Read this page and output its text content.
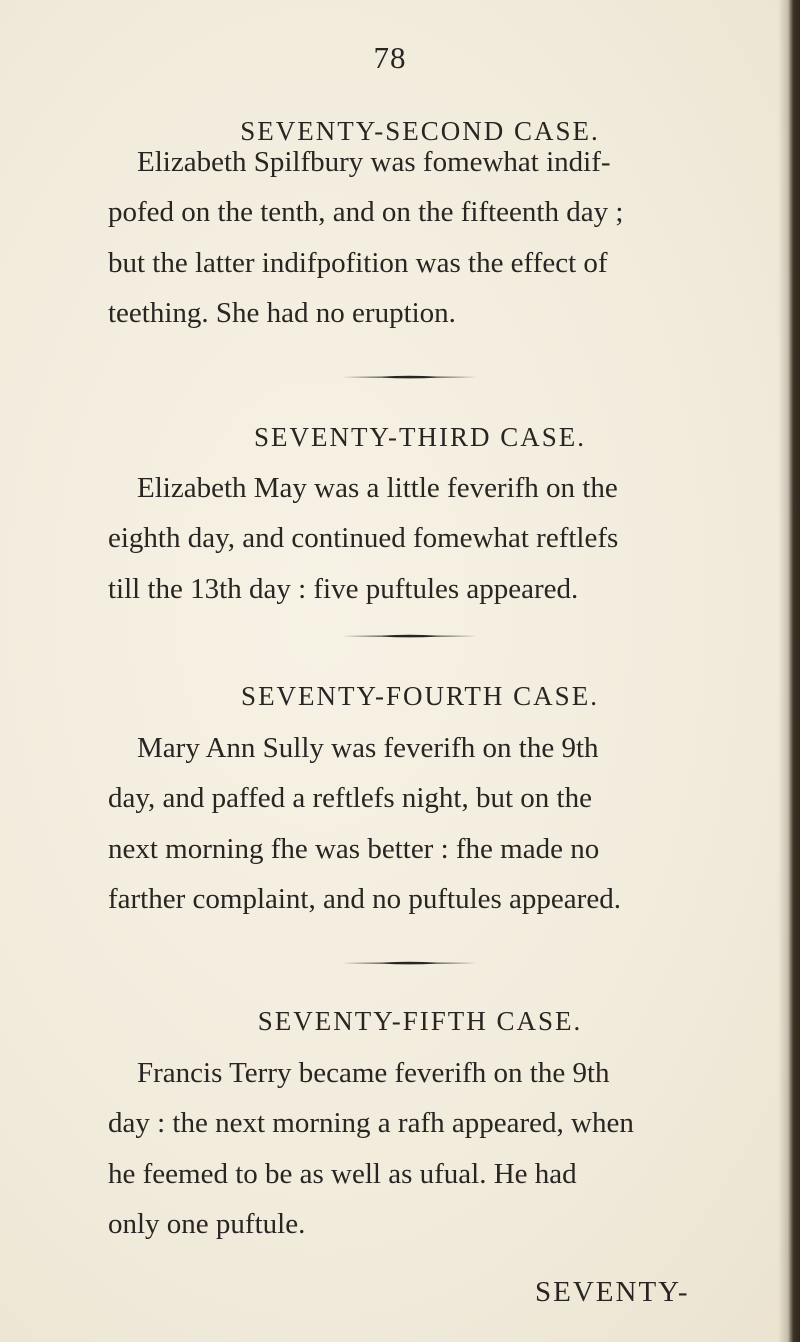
78
SEVENTY-SECOND CASE.
Elizabeth Spilfbury was fomewhat indif-
pofed on the tenth, and on the fifteenth day ;
but the latter indifpofition was the effect of
teething. She had no eruption.
SEVENTY-THIRD CASE.
Elizabeth May was a little feverifh on the
eighth day, and continued fomewhat reftlefs
till the 13th day : five puftules appeared.
SEVENTY-FOURTH CASE.
Mary Ann Sully was feverifh on the 9th
day, and paffed a reftlefs night, but on the
next morning fhe was better : fhe made no
farther complaint, and no puftules appeared.
SEVENTY-FIFTH CASE.
Francis Terry became feverifh on the 9th
day : the next morning a rafh appeared, when
he feemed to be as well as ufual. He had
only one puftule.
SEVENTY-
